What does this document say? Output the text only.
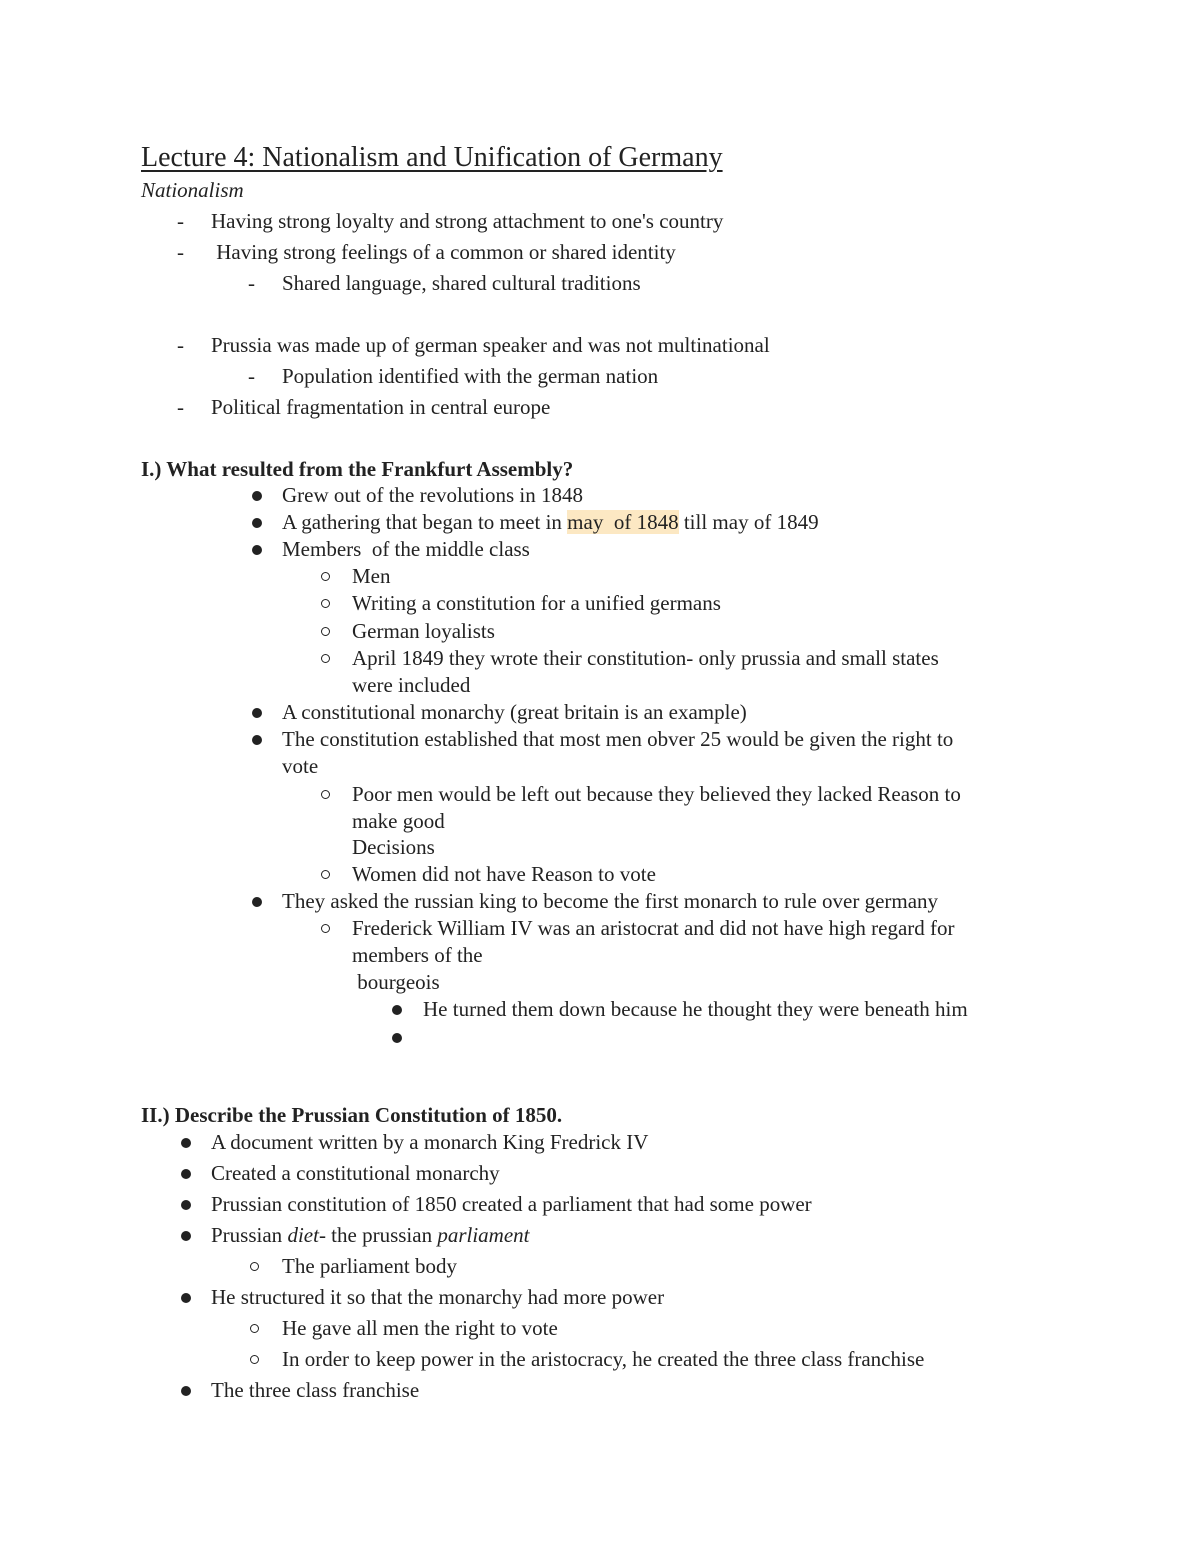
Lecture 4: Nationalism and Unification of Germany
Nationalism
- Having strong loyalty and strong attachment to one's country
- Having strong feelings of a common or shared identity
- Shared language, shared cultural traditions
- Prussia was made up of german speaker and was not multinational
- Population identified with the german nation
- Political fragmentation in central europe
I.) What resulted from the Frankfurt Assembly?
Grew out of the revolutions in 1848
A gathering that began to meet in may  of 1848 till may of 1849
Members  of the middle class
Men
Writing a constitution for a unified germans
German loyalists
April 1849 they wrote their constitution- only prussia and small states
were included
A constitutional monarchy (great britain is an example)
The constitution established that most men obver 25 would be given the right to
vote
Poor men would be left out because they believed they lacked Reason to
make good
Decisions
Women did not have Reason to vote
They asked the russian king to become the first monarch to rule over germany
Frederick William IV was an aristocrat and did not have high regard for
members of the
bourgeois
He turned them down because he thought they were beneath him
II.) Describe the Prussian Constitution of 1850.
A document written by a monarch King Fredrick IV
Created a constitutional monarchy
Prussian constitution of 1850 created a parliament that had some power
Prussian diet- the prussian parliament
The parliament body
He structured it so that the monarchy had more power
He gave all men the right to vote
In order to keep power in the aristocracy, he created the three class franchise
The three class franchise
